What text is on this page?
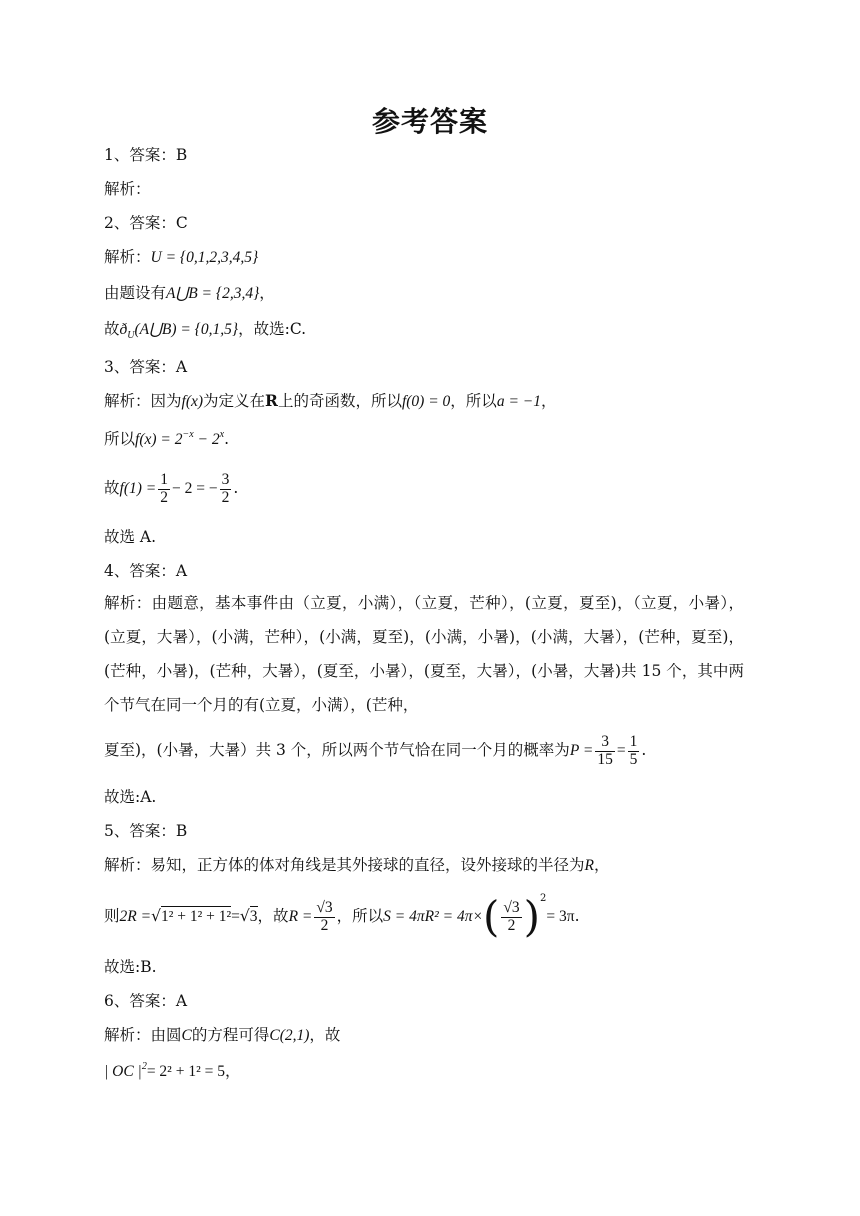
参考答案
1、答案：B
解析：
2、答案：C
解析：U = {0,1,2,3,4,5}
由题设有A⋃B = {2,3,4}，
故$ð_U(A⋃B) = \{0,1,5\}$，故选:C.
3、答案：A
解析：因为f(x)为定义在R上的奇函数，所以f(0) = 0，所以a = −1，
所以$f(x) = 2^{-x} - 2^x$.
故$f(1) = \frac{1}{2} - 2$ = − $\frac{3}{2}$ .
故选 A.
4、答案：A
解析：由题意，基本事件由（立夏，小满），（立夏，芒种），(立夏，夏至)，（立夏，小暑），(立夏，大暑），(小满，芒种），(小满，夏至)，(小满，小暑)，(小满，大暑），(芒种，夏至)，(芒种，小暑)，(芒种，大暑），(夏至，小暑），(夏至，大暑），(小暑，大暑)共 15 个，其中两个节气在同一个月的有(立夏，小满），(芒种，
夏至)，(小暑，大暑）共 3 个，所以两个节气恰在同一个月的概率为$P = \frac{3}{15} = \frac{1}{5}$ .
故选:A.
5、答案：B
解析：易知，正方体的体对角线是其外接球的直径，设外接球的半径为R，
则2R =√1² + 1² + 1²=√3，故$R = \frac{√3}{2}$ ，所以$S = 4\pi R^2 = 4\pi\times( \frac{√3}{2} )^2= 3\pi$.
故选:B.
6、答案：A
解析：由圆C的方程可得C(2,1)，故
| OC $|^2= 2^2 + 1^2 = 5$，
